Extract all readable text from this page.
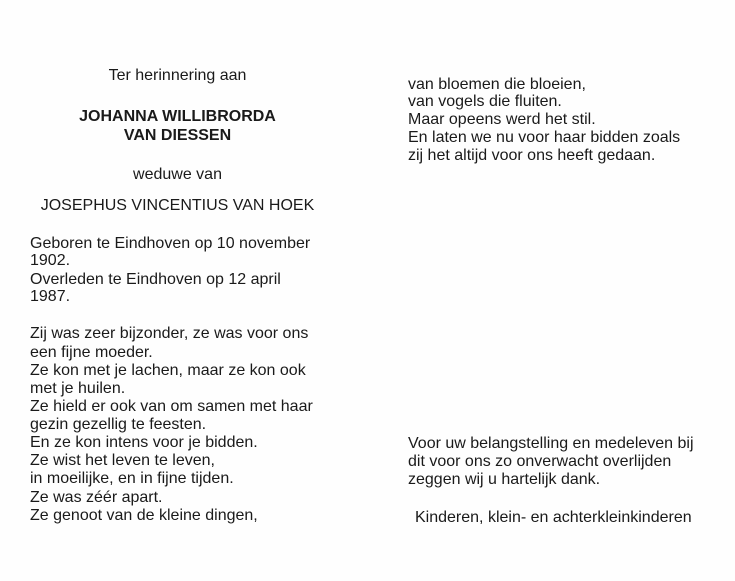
Ter herinnering aan
JOHANNA WILLIBRORDA
VAN DIESSEN
weduwe van
JOSEPHUS VINCENTIUS VAN HOEK
Geboren te Eindhoven op 10 november
1902.
Overleden te Eindhoven op 12 april
1987.
Zij was zeer bijzonder, ze was voor ons
een fijne moeder.
Ze kon met je lachen, maar ze kon ook
met je huilen.
Ze hield er ook van om samen met haar
gezin gezellig te feesten.
En ze kon intens voor je bidden.
Ze wist het leven te leven,
in moeilijke, en in fijne tijden.
Ze was zéér apart.
Ze genoot van de kleine dingen,
van bloemen die bloeien,
van vogels die fluiten.
Maar opeens werd het stil.
En laten we nu voor haar bidden zoals
zij het altijd voor ons heeft gedaan.
Voor uw belangstelling en medeleven bij
dit voor ons zo onverwacht overlijden
zeggen wij u hartelijk dank.
Kinderen, klein- en achterkleinkinderen
